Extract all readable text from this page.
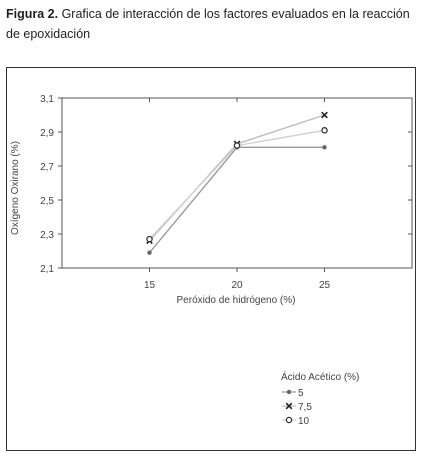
Figura 2. Grafica de interacción de los factores evaluados en la reacción de epoxidación
2,1
2,3
2,5
2,7
2,9
3,1
15	20	25
Peróxido de hidrógeno (%)
Oxígeno Oxirano (%)
Ácido Acético (%)
5
7,5
10
